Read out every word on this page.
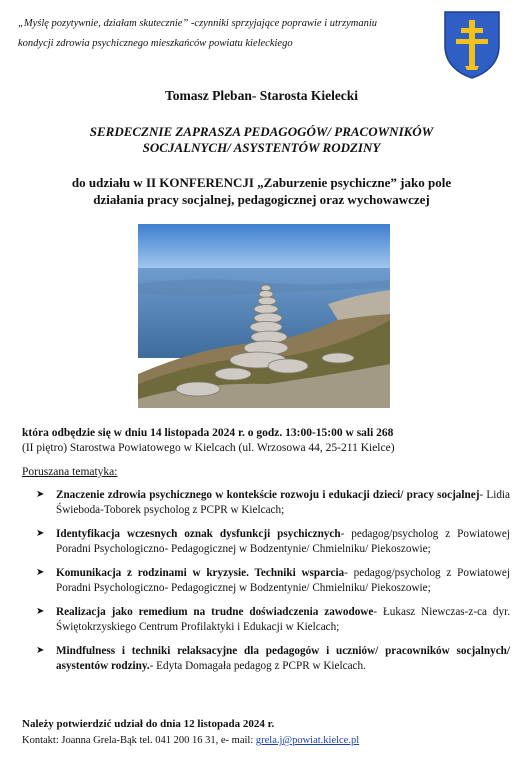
„Myślę pozytywnie, działam skutecznie” -czynniki sprzyjające poprawie i utrzymaniu
kondycji zdrowia psychicznego mieszkańców powiatu kieleckiego
Tomasz Pleban- Starosta Kielecki
SERDECZNIE ZAPRASZA PEDAGOGÓW/ PRACOWNIKÓW
SOCJALNYCH/ ASYSTENTÓW RODZINY
do udziału w II KONFERENCJI „Zaburzenie psychiczne” jako pole
działania pracy socjalnej, pedagogicznej oraz wychowawczej
która odbędzie się w dniu 14 listopada 2024 r. o godz. 13:00-15:00 w sali 268
(II piętro) Starostwa Powiatowego w Kielcach (ul. Wrzosowa 44, 25-211 Kielce)
Poruszana tematyka:
➤ Znaczenie zdrowia psychicznego w kontekście rozwoju i edukacji dzieci/ pracy socjalnej- Lidia Świeboda-Toborek psycholog z PCPR w Kielcach;
➤ Identyfikacja wczesnych oznak dysfunkcji psychicznych- pedagog/psycholog z Powiatowej Poradni Psychologiczno- Pedagogicznej w Bodzentynie/ Chmielniku/ Piekoszowie;
➤ Komunikacja z rodzinami w kryzysie. Techniki wsparcia- pedagog/psycholog z Powiatowej Poradni Psychologiczno- Pedagogicznej w Bodzentynie/ Chmielniku/ Piekoszowie;
➤ Realizacja jako remedium na trudne doświadczenia zawodowe- Łukasz Niewczas-z-ca dyr. Świętokrzyskiego Centrum Profilaktyki i Edukacji w Kielcach;
➤ Mindfulness i techniki relaksacyjne dla pedagogów i uczniów/ pracowników socjalnych/ asystentów rodziny.- Edyta Domagała pedagog z PCPR w Kielcach.
Należy potwierdzić udział do dnia 12 listopada 2024 r.
Kontakt: Joanna Grela-Bąk tel. 041 200 16 31, e- mail: grela.j@powiat.kielce.pl
